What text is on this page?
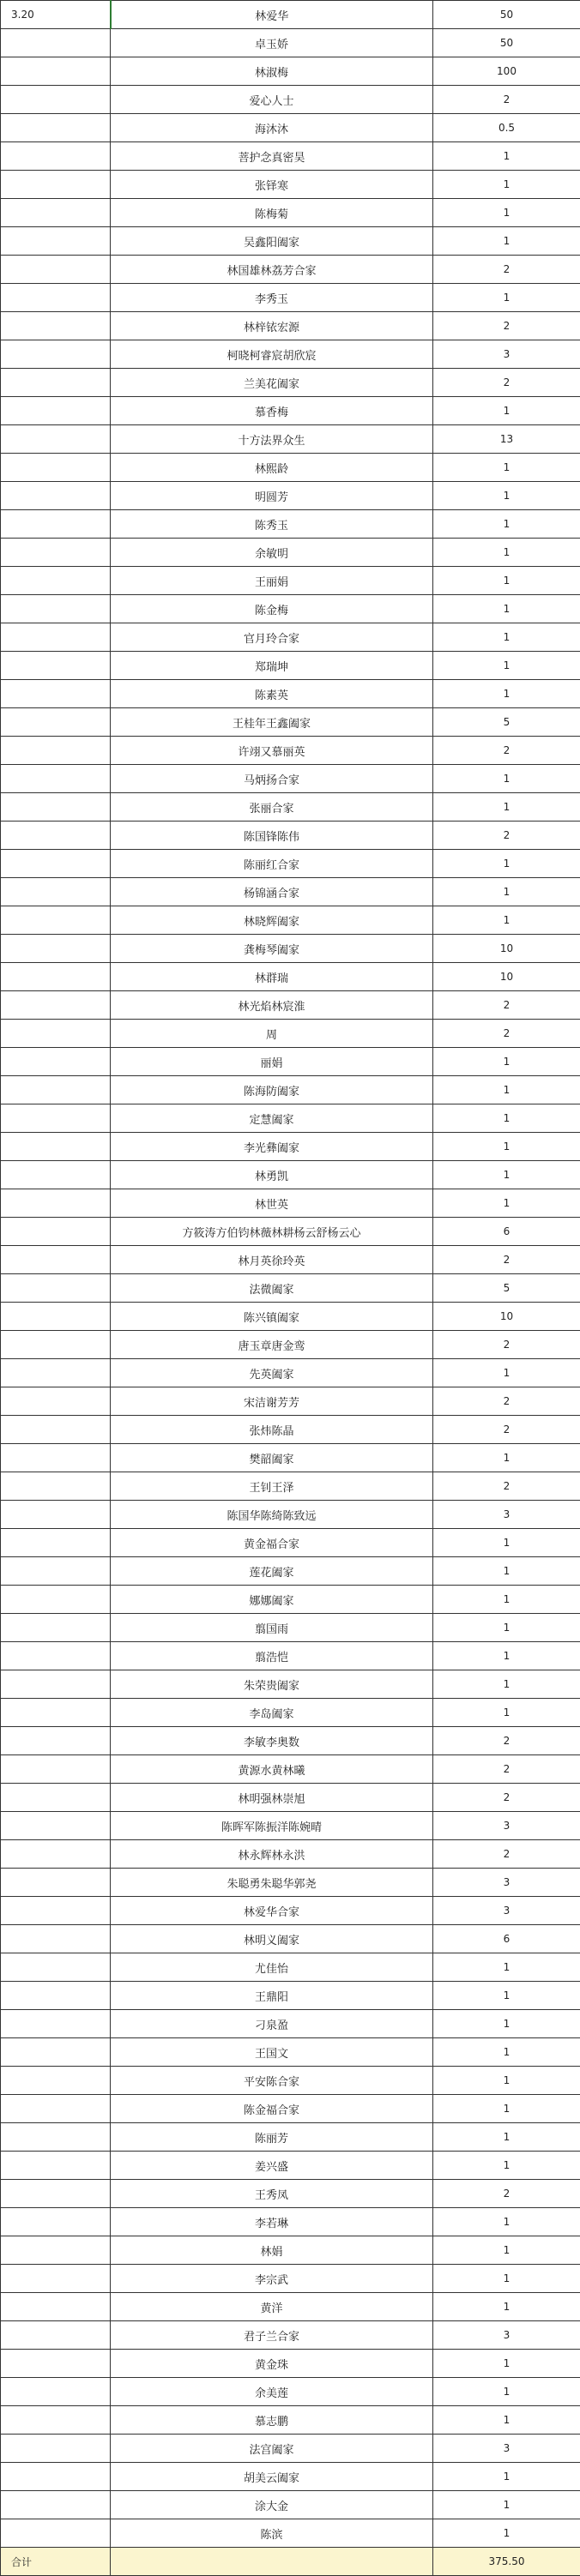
3.20	林爱华	50
	卓玉娇	50
	林淑梅	100
	爱心人士	2
	海沐沐	0.5
	菩护念真密昊	1
	张铎寒	1
	陈梅菊	1
	吴鑫阳阖家	1
	林国雄林荔芳合家	2
	李秀玉	1
	林梓铱宏源	2
	柯晓柯睿宸胡欣宸	3
	兰美花阖家	2
	慕香梅	1
	十方法界众生	13
	林熙龄	1
	明圆芳	1
	陈秀玉	1
	余敏明	1
	王丽娟	1
	陈金梅	1
	官月玲合家	1
	郑瑞坤	1
	陈素英	1
	王桂年王鑫阖家	5
	许翊又慕丽英	2
	马炳扬合家	1
	张丽合家	1
	陈国锋陈伟	2
	陈丽红合家	1
	杨锦涵合家	1
	林晓辉阖家	1
	龚梅琴阖家	10
	林群瑞	10
	林光焰林宸淮	2
	周	2
	丽娟	1
	陈海防阖家	1
	定慧阖家	1
	李光彝阖家	1
	林勇凯	1
	林世英	1
	方筱涛方伯钧林薇林耕杨云舒杨云心	6
	林月英徐玲英	2
	法微阖家	5
	陈兴镇阖家	10
	唐玉章唐金鸾	2
	先英阖家	1
	宋洁谢芳芳	2
	张炜陈晶	2
	樊韶阖家	1
	王钊王泽	2
	陈国华陈绮陈致远	3
	黄金福合家	1
	莲花阖家	1
	娜娜阖家	1
	翦国雨	1
	翦浩恺	1
	朱荣贵阖家	1
	李岛阖家	1
	李敏李奥数	2
	黄源水黄林曦	2
	林明强林崇旭	2
	陈晖军陈振洋陈婉晴	3
	林永辉林永洪	2
	朱聪勇朱聪华郭尧	3
	林爱华合家	3
	林明义阖家	6
	尤佳怡	1
	王鼎阳	1
	刁泉盈	1
	王国文	1
	平安陈合家	1
	陈金福合家	1
	陈丽芳	1
	姜兴盛	1
	王秀凤	2
	李若琳	1
	林娟	1
	李宗武	1
	黄洋	1
	君子兰合家	3
	黄金珠	1
	余美莲	1
	慕志鹏	1
	法宫阖家	3
	胡美云阖家	1
	涂大金	1
	陈滨	1
合计		375.50
